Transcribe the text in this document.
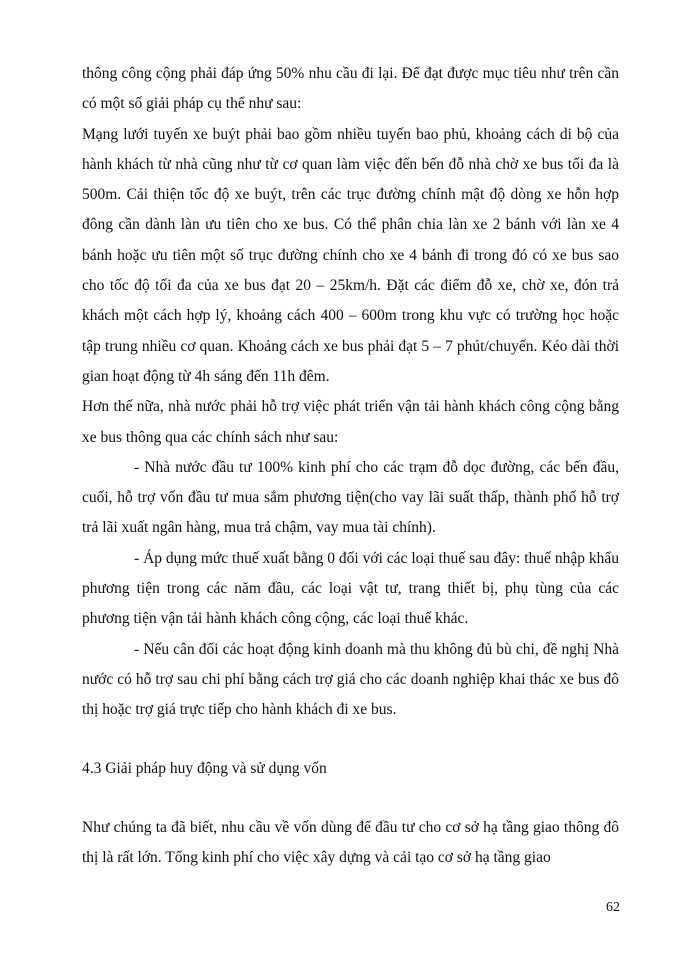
thông công cộng phải đáp ứng 50% nhu cầu đi lại. Để đạt được mục tiêu như trên cần có một số giải pháp cụ thể như sau:

Mạng lưới tuyến xe buýt phải bao gồm nhiều tuyến bao phủ, khoảng cách di bộ của hành khách từ nhà cũng như từ cơ quan làm việc đến bến đỗ nhà chờ xe bus tối đa là 500m. Cải thiện tốc độ xe buýt, trên các trục đường chính mật độ dòng xe hỗn hợp đông cần dành làn ưu tiên cho xe bus. Có thể phân chia làn xe 2 bánh với làn xe 4 bánh hoặc ưu tiên một số trục đường chính cho xe 4 bánh đi trong đó có xe bus sao cho tốc độ tối đa của xe bus đạt 20 – 25km/h. Đặt các điểm đỗ xe, chờ xe, đón trả khách một cách hợp lý, khoảng cách 400 – 600m trong khu vực có trường học hoặc tập trung nhiều cơ quan. Khoảng cách xe bus phải đạt 5 – 7 phút/chuyến. Kéo dài thời gian hoạt động từ 4h sáng đến 11h đêm.

Hơn thế nữa, nhà nước phải hỗ trợ việc phát triển vận tải hành khách công cộng bằng xe bus thông qua các chính sách như sau:

- Nhà nước đầu tư 100% kinh phí cho các trạm đỗ dọc đường, các bến đầu, cuối, hỗ trợ vốn đầu tư mua sắm phương tiện(cho vay lãi suất thấp, thành phố hỗ trợ trả lãi xuất ngân hàng, mua trả chậm, vay mua tài chính).

- Áp dụng mức thuế xuất bằng 0 đối với các loại thuế sau đây: thuế nhập khẩu phương tiện trong các năm đầu, các loại vật tư, trang thiết bị, phụ tùng của các phương tiện vận tải hành khách công cộng, các loại thuế khác.

- Nếu cân đối các hoạt động kinh doanh mà thu không đủ bù chi, đề nghị Nhà nước có hỗ trợ sau chi phí bằng cách trợ giá cho các doanh nghiệp khai thác xe bus đô thị hoặc trợ giá trực tiếp cho hành khách đi xe bus.

4.3 Giải pháp huy động và sử dụng vốn

Như chúng ta đã biết, nhu cầu về vốn dùng để đầu tư cho cơ sở hạ tầng giao thông đô thị là rất lớn. Tổng kinh phí cho việc xây dựng và cải tạo cơ sở hạ tầng giao

62
